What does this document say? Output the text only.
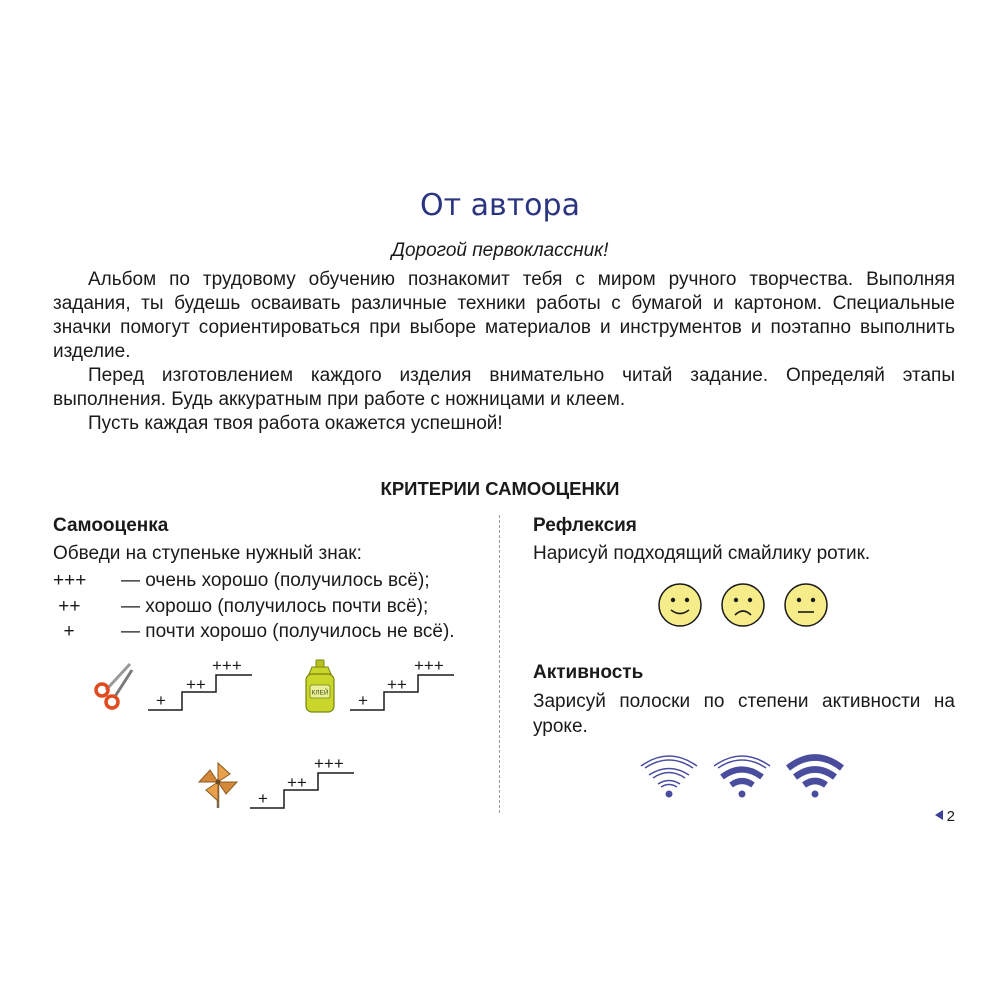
От автора
Дорогой первоклассник!

Альбом по трудовому обучению познакомит тебя с миром ручного творчества. Выполняя задания, ты будешь осваивать различные техники работы с бумагой и картоном. Специальные значки помогут сориентироваться при выборе материалов и инструментов и поэтапно выполнить изделие.

Перед изготовлением каждого изделия внимательно читай задание. Определяй этапы выполнения. Будь аккуратным при работе с ножницами и клеем.

Пусть каждая твоя работа окажется успешной!

КРИТЕРИИ САМООЦЕНКИ
Самооценка
Обведи на ступеньке нужный знак:
+++ — очень хорошо (получилось всё);
++ — хорошо (получилось почти всё);
+ — почти хорошо (получилось не всё).
+
++
+++
КЛЕЙ +
++
+++
+
++
+++
Рефлексия
Нарисуй подходящий смайлику ротик.
Активность
Зарисуй полоски по степени активности на уроке.
2
